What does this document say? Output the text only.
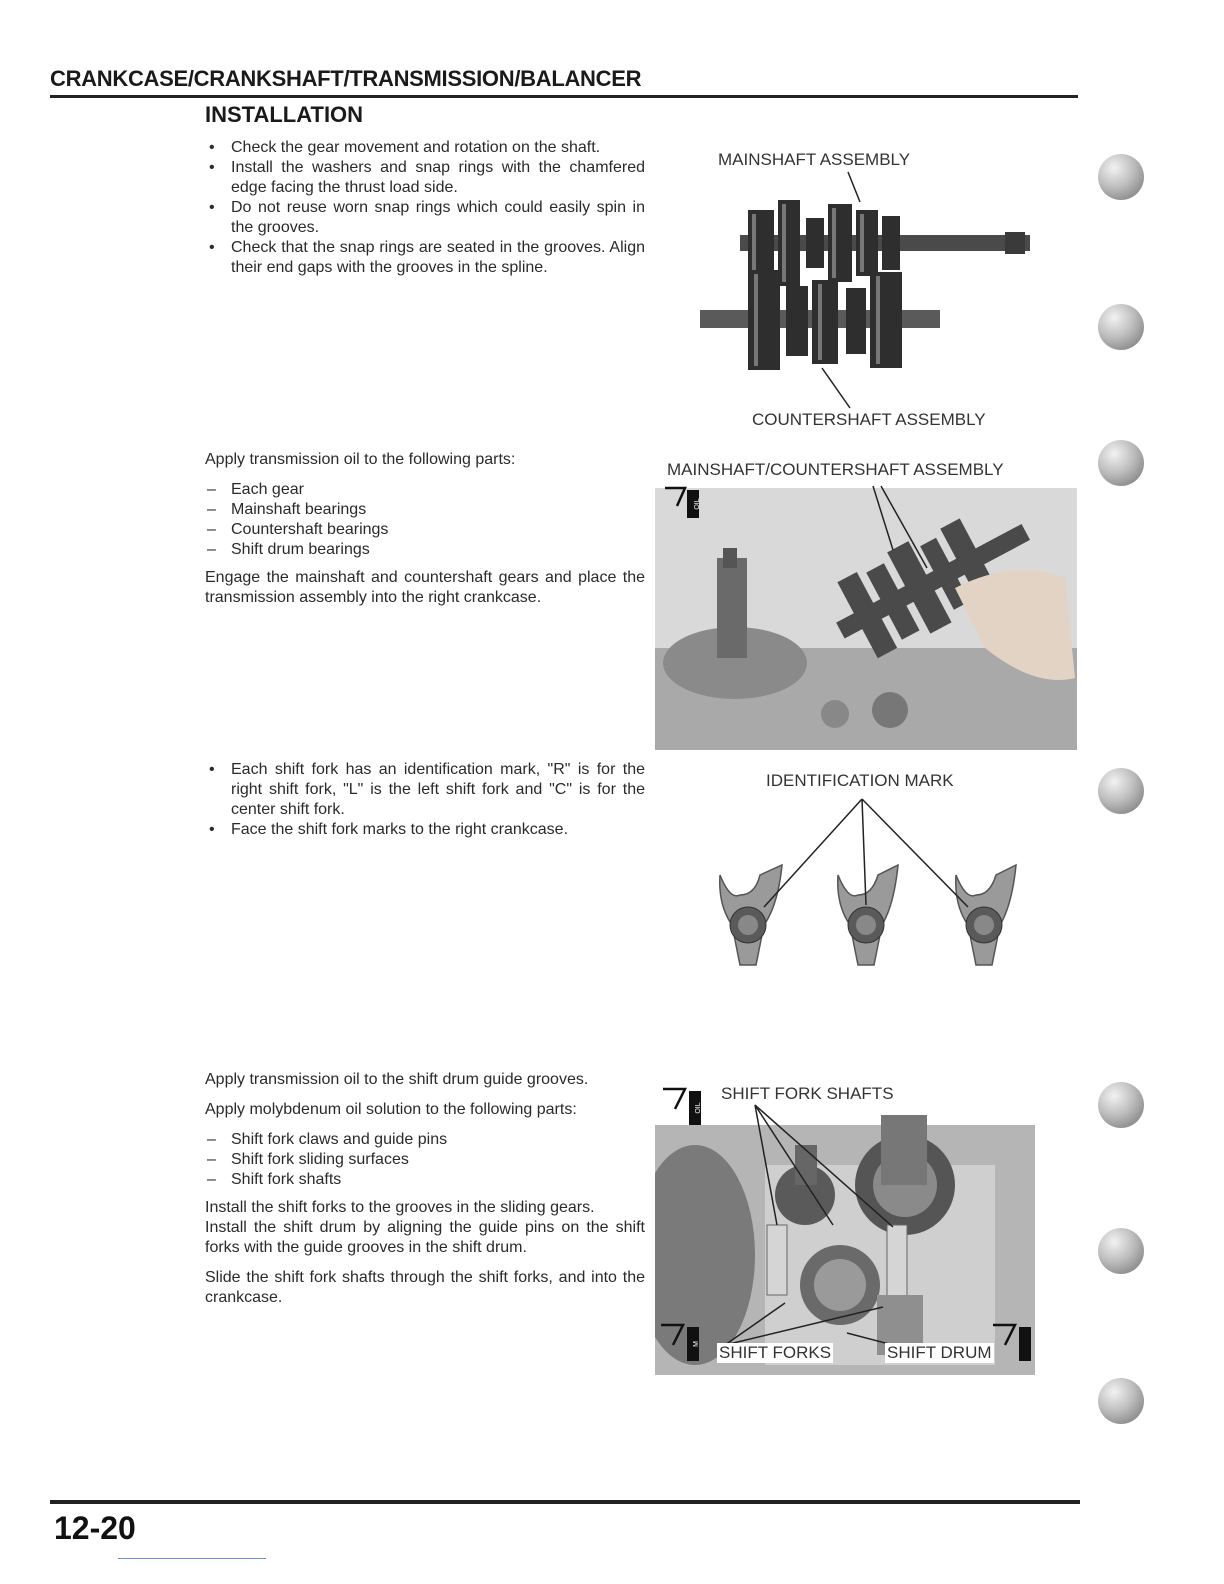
CRANKCASE/CRANKSHAFT/TRANSMISSION/BALANCER
INSTALLATION
• Check the gear movement and rotation on the shaft.
• Install the washers and snap rings with the chamfered edge facing the thrust load side.
• Do not reuse worn snap rings which could easily spin in the grooves.
• Check that the snap rings are seated in the grooves. Align their end gaps with the grooves in the spline.
MAINSHAFT ASSEMBLY
COUNTERSHAFT ASSEMBLY

Apply transmission oil to the following parts:

– Each gear
– Mainshaft bearings
– Countershaft bearings
– Shift drum bearings

Engage the mainshaft and countershaft gears and place the transmission assembly into the right crankcase.

MAINSHAFT/COUNTERSHAFT ASSEMBLY
OIL
• Each shift fork has an identification mark, "R" is for the right shift fork, "L" is the left shift fork and "C" is for the center shift fork.
• Face the shift fork marks to the right crankcase.
IDENTIFICATION MARK

Apply transmission oil to the shift drum guide grooves.

Apply molybdenum oil solution to the following parts:

– Shift fork claws and guide pins
– Shift fork sliding surfaces
– Shift fork shafts

Install the shift forks to the grooves in the sliding gears.

Install the shift drum by aligning the guide pins on the shift forks with the guide grooves in the shift drum.

Slide the shift fork shafts through the shift forks, and into the crankcase.

OIL
SHIFT FORK SHAFTS
M SHIFT FORKS	SHIFT DRUM
12-20
